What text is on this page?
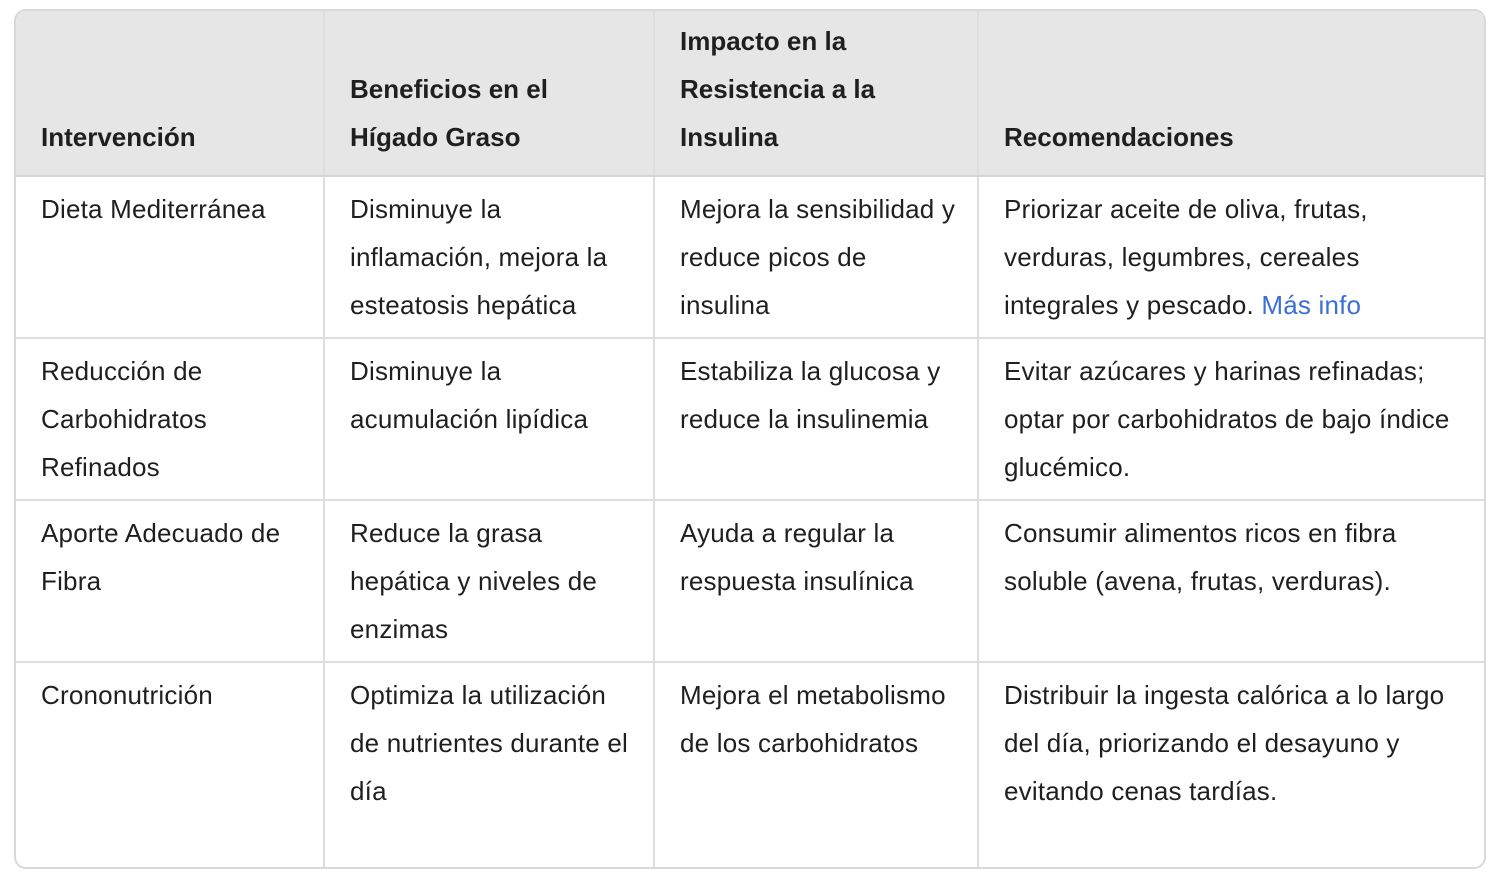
Intervención	Beneficios en el Hígado Graso	Impacto en la Resistencia a la Insulina	Recomendaciones
Dieta Mediterránea	Disminuye la inflamación, mejora la esteatosis hepática	Mejora la sensibilidad y reduce picos de insulina	Priorizar aceite de oliva, frutas, verduras, legumbres, cereales integrales y pescado. Más info
Reducción de Carbohidratos Refinados	Disminuye la acumulación lipídica	Estabiliza la glucosa y reduce la insulinemia	Evitar azúcares y harinas refinadas; optar por carbohidratos de bajo índice glucémico.
Aporte Adecuado de Fibra	Reduce la grasa hepática y niveles de enzimas	Ayuda a regular la respuesta insulínica	Consumir alimentos ricos en fibra soluble (avena, frutas, verduras).
Crononutrición	Optimiza la utilización de nutrientes durante el día	Mejora el metabolismo de los carbohidratos	Distribuir la ingesta calórica a lo largo del día, priorizando el desayuno y evitando cenas tardías.
